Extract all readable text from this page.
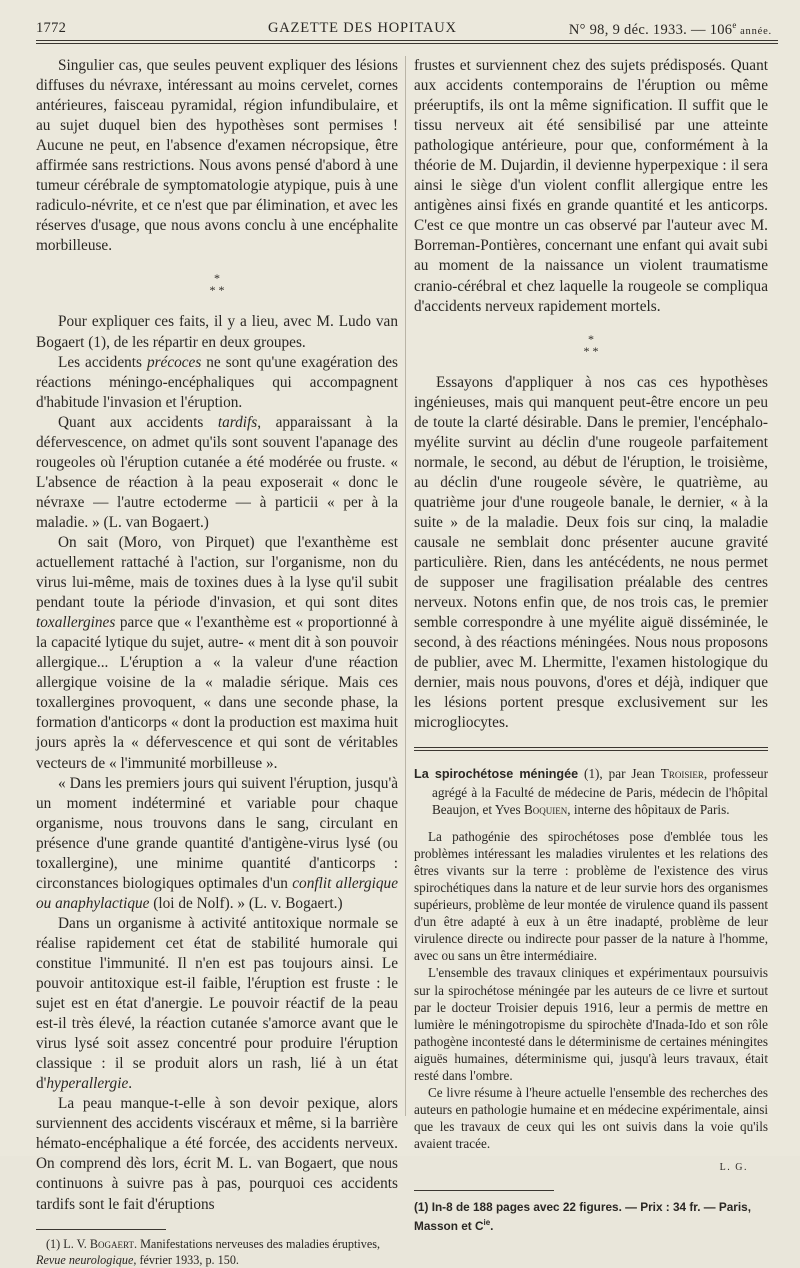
1772	GAZETTE DES HOPITAUX	N° 98, 9 déc. 1933. — 106e année.

Singulier cas, que seules peuvent expliquer des lésions diffuses du névraxe, intéressant au moins cervelet, cornes antérieures, faisceau pyramidal, région infundibulaire, et au sujet duquel bien des hypothèses sont permises ! Aucune ne peut, en l'absence d'examen nécropsique, être affirmée sans restrictions. Nous avons pensé d'abord à une tumeur cérébrale de symptomatologie atypique, puis à une radiculo-névrite, et ce n'est que par élimination, et avec les réserves d'usage, que nous avons conclu à une encéphalite morbilleuse.

*
* *

Pour expliquer ces faits, il y a lieu, avec M. Ludo van Bogaert (1), de les répartir en deux groupes.

Les accidents précoces ne sont qu'une exagération des réactions méningo-encéphaliques qui accompagnent d'habitude l'invasion et l'éruption.

Quant aux accidents tardifs, apparaissant à la défervescence, on admet qu'ils sont souvent l'apanage des rougeoles où l'éruption cutanée a été modérée ou fruste. « L'absence de réaction à la peau exposerait « donc le névraxe — l'autre ectoderme — à particii « per à la maladie. » (L. van Bogaert.)

On sait (Moro, von Pirquet) que l'exanthème est actuellement rattaché à l'action, sur l'organisme, non du virus lui-même, mais de toxines dues à la lyse qu'il subit pendant toute la période d'invasion, et qui sont dites toxallergines parce que « l'exanthème est « proportionné à la capacité lytique du sujet, autre- « ment dit à son pouvoir allergique... L'éruption a « la valeur d'une réaction allergique voisine de la « maladie sérique. Mais ces toxallergines provoquent, « dans une seconde phase, la formation d'anticorps « dont la production est maxima huit jours après la « défervescence et qui sont de véritables vecteurs de « l'immunité morbilleuse ».

« Dans les premiers jours qui suivent l'éruption, jusqu'à un moment indéterminé et variable pour chaque organisme, nous trouvons dans le sang, circulant en présence d'une grande quantité d'antigène-virus lysé (ou toxallergine), une minime quantité d'anticorps : circonstances biologiques optimales d'un conflit allergique ou anaphylactique (loi de Nolf). » (L. v. Bogaert.)

Dans un organisme à activité antitoxique normale se réalise rapidement cet état de stabilité humorale qui constitue l'immunité. Il n'en est pas toujours ainsi. Le pouvoir antitoxique est-il faible, l'éruption est fruste : le sujet est en état d'anergie. Le pouvoir réactif de la peau est-il très élevé, la réaction cutanée s'amorce avant que le virus lysé soit assez concentré pour produire l'éruption classique : il se produit alors un rash, lié à un état d'hyperallergie.

La peau manque-t-elle à son devoir pexique, alors surviennent des accidents viscéraux et même, si la barrière hémato-encéphalique a été forcée, des accidents nerveux. On comprend dès lors, écrit M. L. van Bogaert, que nous continuons à suivre pas à pas, pourquoi ces accidents tardifs sont le fait d'éruptions

(1) L. V. Bogaert. Manifestations nerveuses des maladies éruptives, Revue neurologique, février 1933, p. 150.

frustes et surviennent chez des sujets prédisposés. Quant aux accidents contemporains de l'éruption ou même préeruptifs, ils ont la même signification. Il suffit que le tissu nerveux ait été sensibilisé par une atteinte pathologique antérieure, pour que, conformément à la théorie de M. Dujardin, il devienne hyperpexique : il sera ainsi le siège d'un violent conflit allergique entre les antigènes ainsi fixés en grande quantité et les anticorps. C'est ce que montre un cas observé par l'auteur avec M. Borreman-Pontières, concernant une enfant qui avait subi au moment de la naissance un violent traumatisme cranio-cérébral et chez laquelle la rougeole se compliqua d'accidents nerveux rapidement mortels.

*
* *

Essayons d'appliquer à nos cas ces hypothèses ingénieuses, mais qui manquent peut-être encore un peu de toute la clarté désirable. Dans le premier, l'encéphalo-myélite survint au déclin d'une rougeole parfaitement normale, le second, au début de l'éruption, le troisième, au déclin d'une rougeole sévère, le quatrième, au quatrième jour d'une rougeole banale, le dernier, « à la suite » de la maladie. Deux fois sur cinq, la maladie causale ne semblait donc présenter aucune gravité particulière. Rien, dans les antécédents, ne nous permet de supposer une fragilisation préalable des centres nerveux. Notons enfin que, de nos trois cas, le premier semble correspondre à une myélite aiguë disséminée, le second, à des réactions méningées. Nous nous proposons de publier, avec M. Lhermitte, l'examen histologique du dernier, mais nous pouvons, d'ores et déjà, indiquer que les lésions portent presque exclusivement sur les microgliocytes.

La spirochétose méningée (1), par Jean Troisier, professeur agrégé à la Faculté de médecine de Paris, médecin de l'hôpital Beaujon, et Yves Boquien, interne des hôpitaux de Paris.

La pathogénie des spirochétoses pose d'emblée tous les problèmes intéressant les maladies virulentes et les relations des êtres vivants sur la terre : problème de l'existence des virus spirochétiques dans la nature et de leur survie hors des organismes supérieurs, problème de leur montée de virulence quand ils passent d'un être adapté à eux à un être inadapté, problème de leur virulence directe ou indirecte pour passer de la nature à l'homme, avec ou sans un être intermédiaire.

L'ensemble des travaux cliniques et expérimentaux poursuivis sur la spirochétose méningée par les auteurs de ce livre et surtout par le docteur Troisier depuis 1916, leur a permis de mettre en lumière le méningotropisme du spirochète d'Inada-Ido et son rôle pathogène incontesté dans le déterminisme de certaines méningites aiguës humaines, déterminisme qui, jusqu'à leurs travaux, était resté dans l'ombre.

Ce livre résume à l'heure actuelle l'ensemble des recherches des auteurs en pathologie humaine et en médecine expérimentale, ainsi que les travaux de ceux qui les ont suivis dans la voie qu'ils avaient tracée.

L. G.
(1) In-8 de 188 pages avec 22 figures. — Prix : 34 fr. — Paris, Masson et $C^{ie}$.
